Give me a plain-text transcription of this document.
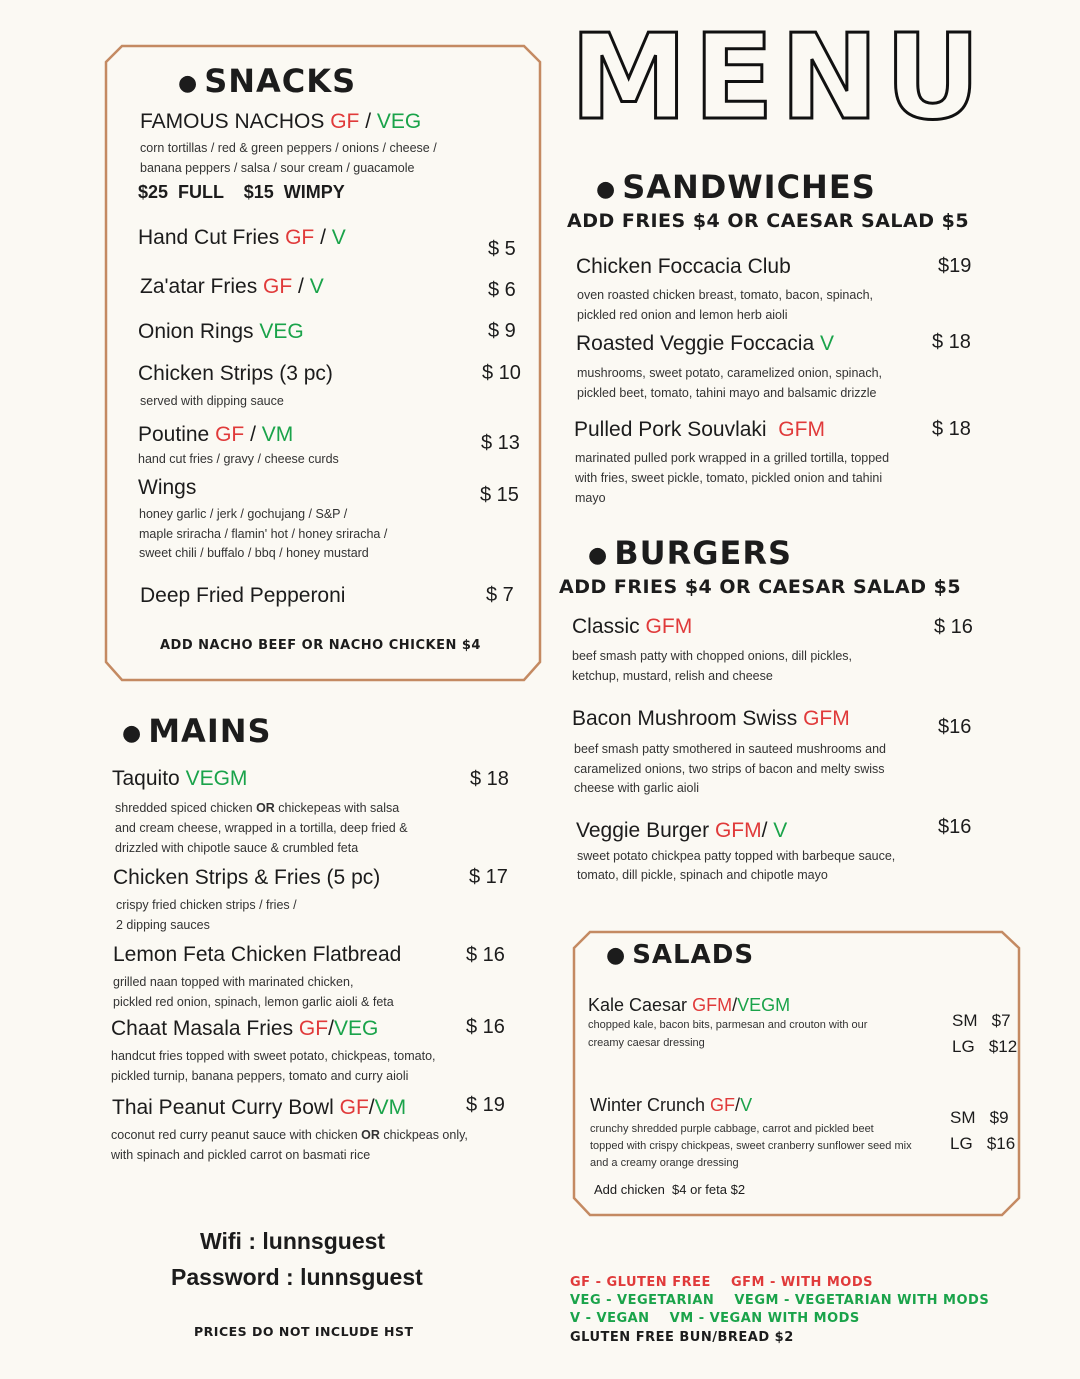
MENU
● SNACKS
FAMOUS NACHOS GF / VEG
corn tortillas / red & green peppers / onions / cheese /
banana peppers / salsa / sour cream / guacamole
$25  FULL    $15  WIMPY
Hand Cut Fries GF / V	$ 5
Za'atar Fries GF / V	$ 6
Onion Rings VEG	$ 9
Chicken Strips (3 pc)	$ 10
served with dipping sauce
Poutine GF / VM	$ 13
hand cut fries / gravy / cheese curds
Wings	$ 15
honey garlic / jerk / gochujang / S&P /
maple sriracha / flamin' hot / honey sriracha /
sweet chili / buffalo / bbq / honey mustard
Deep Fried Pepperoni	$ 7
ADD NACHO BEEF OR NACHO CHICKEN $4
● MAINS
Taquito VEGM	$ 18
shredded spiced chicken OR chickepeas with salsa
and cream cheese, wrapped in a tortilla, deep fried &
drizzled with chipotle sauce & crumbled feta
Chicken Strips & Fries (5 pc)	$ 17
crispy fried chicken strips / fries /
2 dipping sauces
Lemon Feta Chicken Flatbread	$ 16
grilled naan topped with marinated chicken,
pickled red onion, spinach, lemon garlic aioli & feta
Chaat Masala Fries GF/VEG	$ 16
handcut fries topped with sweet potato, chickpeas, tomato,
pickled turnip, banana peppers, tomato and curry aioli
Thai Peanut Curry Bowl GF/VM	$ 19
coconut red curry peanut sauce with chicken OR chickpeas only,
with spinach and pickled carrot on basmati rice
Wifi : lunnsguest
Password : lunnsguest
PRICES DO NOT INCLUDE HST
● SANDWICHES
ADD FRIES $4 OR CAESAR SALAD $5
Chicken Foccacia Club	$19
oven roasted chicken breast, tomato, bacon, spinach,
pickled red onion and lemon herb aioli
Roasted Veggie Foccacia V	$ 18
mushrooms, sweet potato, caramelized onion, spinach,
pickled beet, tomato, tahini mayo and balsamic drizzle
Pulled Pork Souvlaki GFM	$ 18
marinated pulled pork wrapped in a grilled tortilla, topped
with fries, sweet pickle, tomato, pickled onion and tahini
mayo
● BURGERS
ADD FRIES $4 OR CAESAR SALAD $5
Classic GFM	$ 16
beef smash patty with chopped onions, dill pickles,
ketchup, mustard, relish and cheese
Bacon Mushroom Swiss GFM	$16
beef smash patty smothered in sauteed mushrooms and
caramelized onions, two strips of bacon and melty swiss
cheese with garlic aioli
Veggie Burger GFM/ V	$16
sweet potato chickpea patty topped with barbeque sauce,
tomato, dill pickle, spinach and chipotle mayo
● SALADS
Kale Caesar GFM/VEGM
chopped kale, bacon bits, parmesan and crouton with our
creamy caesar dressing
SM   $7
LG   $12
Winter Crunch GF/V
crunchy shredded purple cabbage, carrot and pickled beet
topped with crispy chickpeas, sweet cranberry sunflower seed mix
and a creamy orange dressing
SM   $9
LG   $16
Add chicken  $4 or feta $2
GF - GLUTEN FREE GFM - WITH MODS
VEG - VEGETARIAN VEGM - VEGETARIAN WITH MODS
V - VEGAN VM - VEGAN WITH MODS
GLUTEN FREE BUN/BREAD $2
